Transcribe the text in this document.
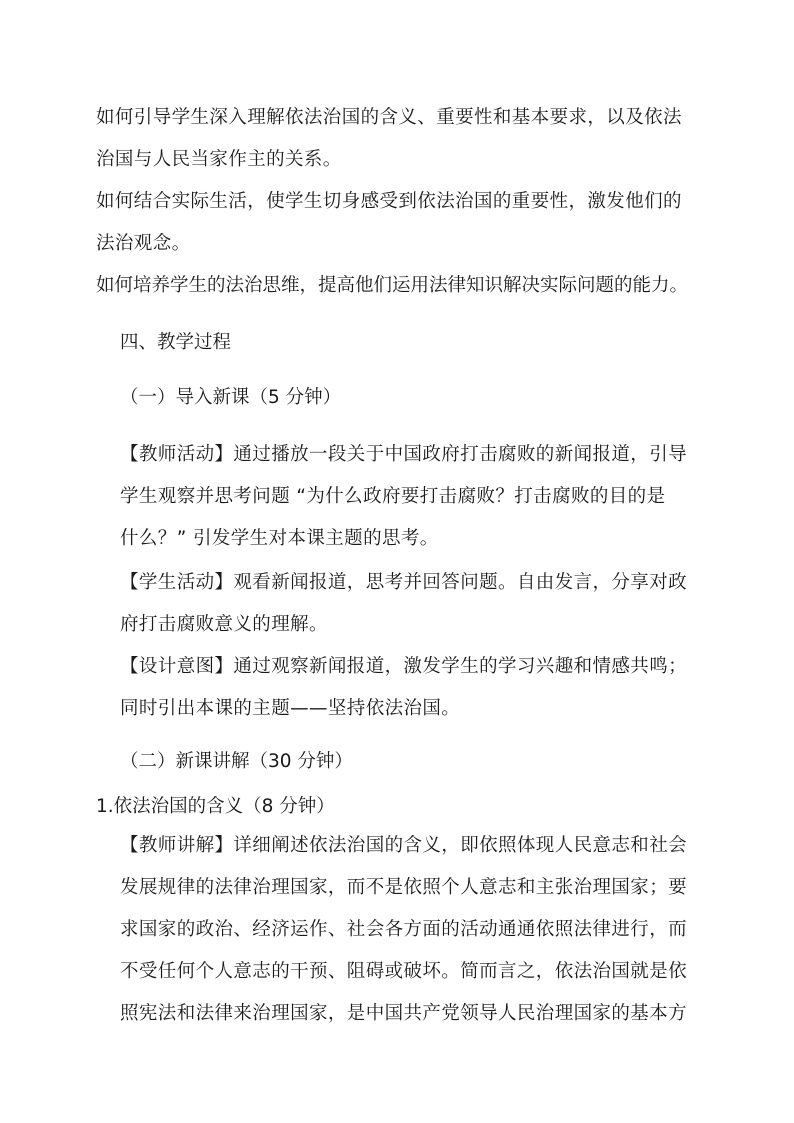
如何引导学生深入理解依法治国的含义、重要性和基本要求，以及依法
治国与人民当家作主的关系。
如何结合实际生活，使学生切身感受到依法治国的重要性，激发他们的
法治观念。
如何培养学生的法治思维，提高他们运用法律知识解决实际问题的能力。
四、教学过程
（一）导入新课（5 分钟）
【教师活动】通过播放一段关于中国政府打击腐败的新闻报道，引导
学生观察并思考问题 “为什么政府要打击腐败？打击腐败的目的是
什么？” 引发学生对本课主题的思考。
【学生活动】观看新闻报道，思考并回答问题。自由发言，分享对政
府打击腐败意义的理解。
【设计意图】通过观察新闻报道，激发学生的学习兴趣和情感共鸣；
同时引出本课的主题——坚持依法治国。
（二）新课讲解（30 分钟）
1.依法治国的含义（8 分钟）
【教师讲解】详细阐述依法治国的含义，即依照体现人民意志和社会
发展规律的法律治理国家，而不是依照个人意志和主张治理国家；要
求国家的政治、经济运作、社会各方面的活动通通依照法律进行，而
不受任何个人意志的干预、阻碍或破坏。简而言之，依法治国就是依
照宪法和法律来治理国家，是中国共产党领导人民治理国家的基本方
